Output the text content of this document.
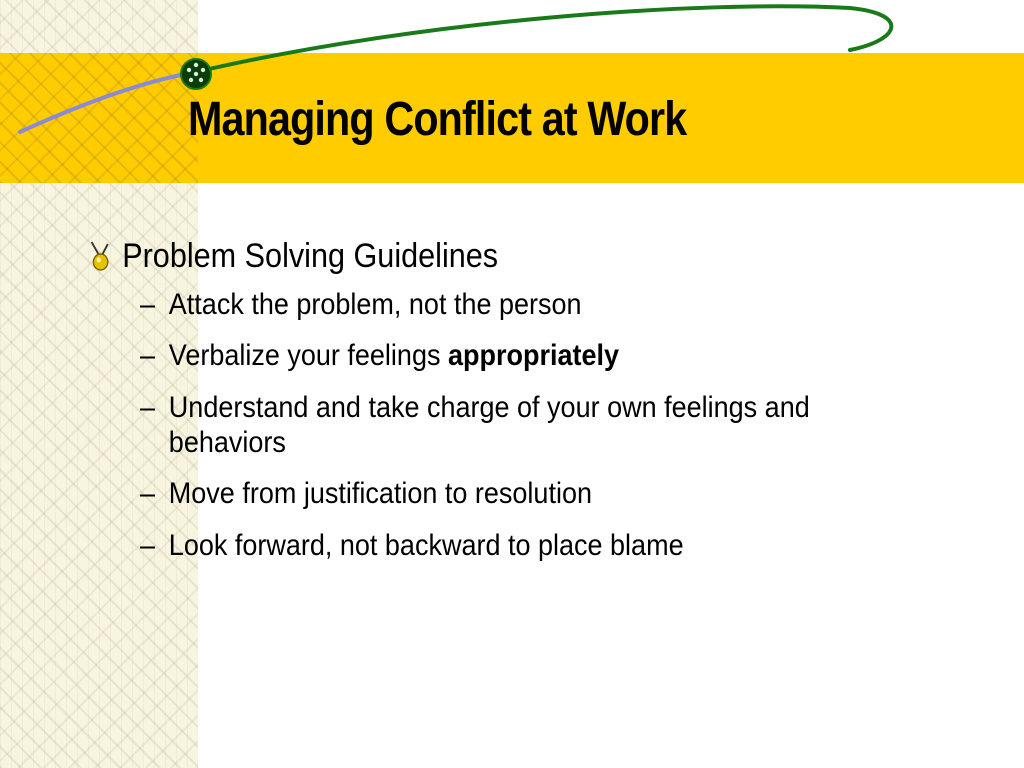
Managing Conflict at Work
Problem Solving Guidelines
– Attack the problem, not the person
– Verbalize your feelings appropriately
– Understand and take charge of your own feelings and behaviors
– Move from justification to resolution
– Look forward, not backward to place blame
